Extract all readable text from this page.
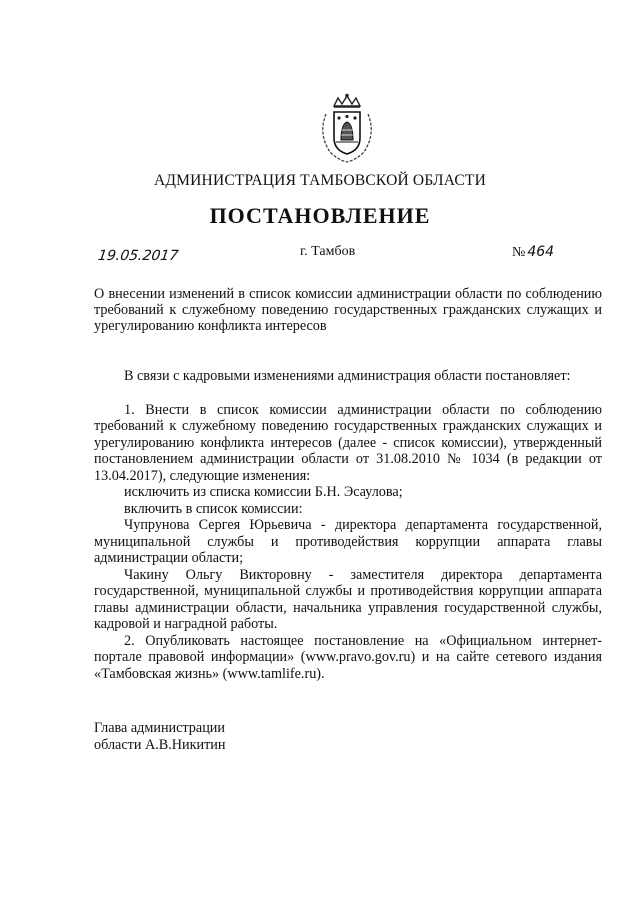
АДМИНИСТРАЦИЯ ТАМБОВСКОЙ ОБЛАСТИ
ПОСТАНОВЛЕНИЕ
19.05.2017	г. Тамбов	№ 464
О внесении изменений в список комиссии администрации области по соблюдению требований к служебному поведению государственных гражданских служащих и урегулированию конфликта интересов

В связи с кадровыми изменениями администрация области постановляет:

1. Внести в список комиссии администрации области по соблюдению требований к служебному поведению государственных гражданских служащих и урегулированию конфликта интересов (далее - список комиссии), утвержденный постановлением администрации области от 31.08.2010 № 1034 (в редакции от 13.04.2017), следующие изменения:

исключить из списка комиссии Б.Н. Эсаулова;

включить в список комиссии:

Чупрунова Сергея Юрьевича - директора департамента государственной, муниципальной службы и противодействия коррупции аппарата главы администрации области;

Чакину Ольгу Викторовну - заместителя директора департамента государственной, муниципальной службы и противодействия коррупции аппарата главы администрации области, начальника управления государственной службы, кадровой и наградной работы.

2. Опубликовать настоящее постановление на «Официальном интернет-портале правовой информации» (www.pravo.gov.ru) и на сайте сетевого издания «Тамбовская жизнь» (www.tamlife.ru).

Глава администрации

области А.В.Никитин
